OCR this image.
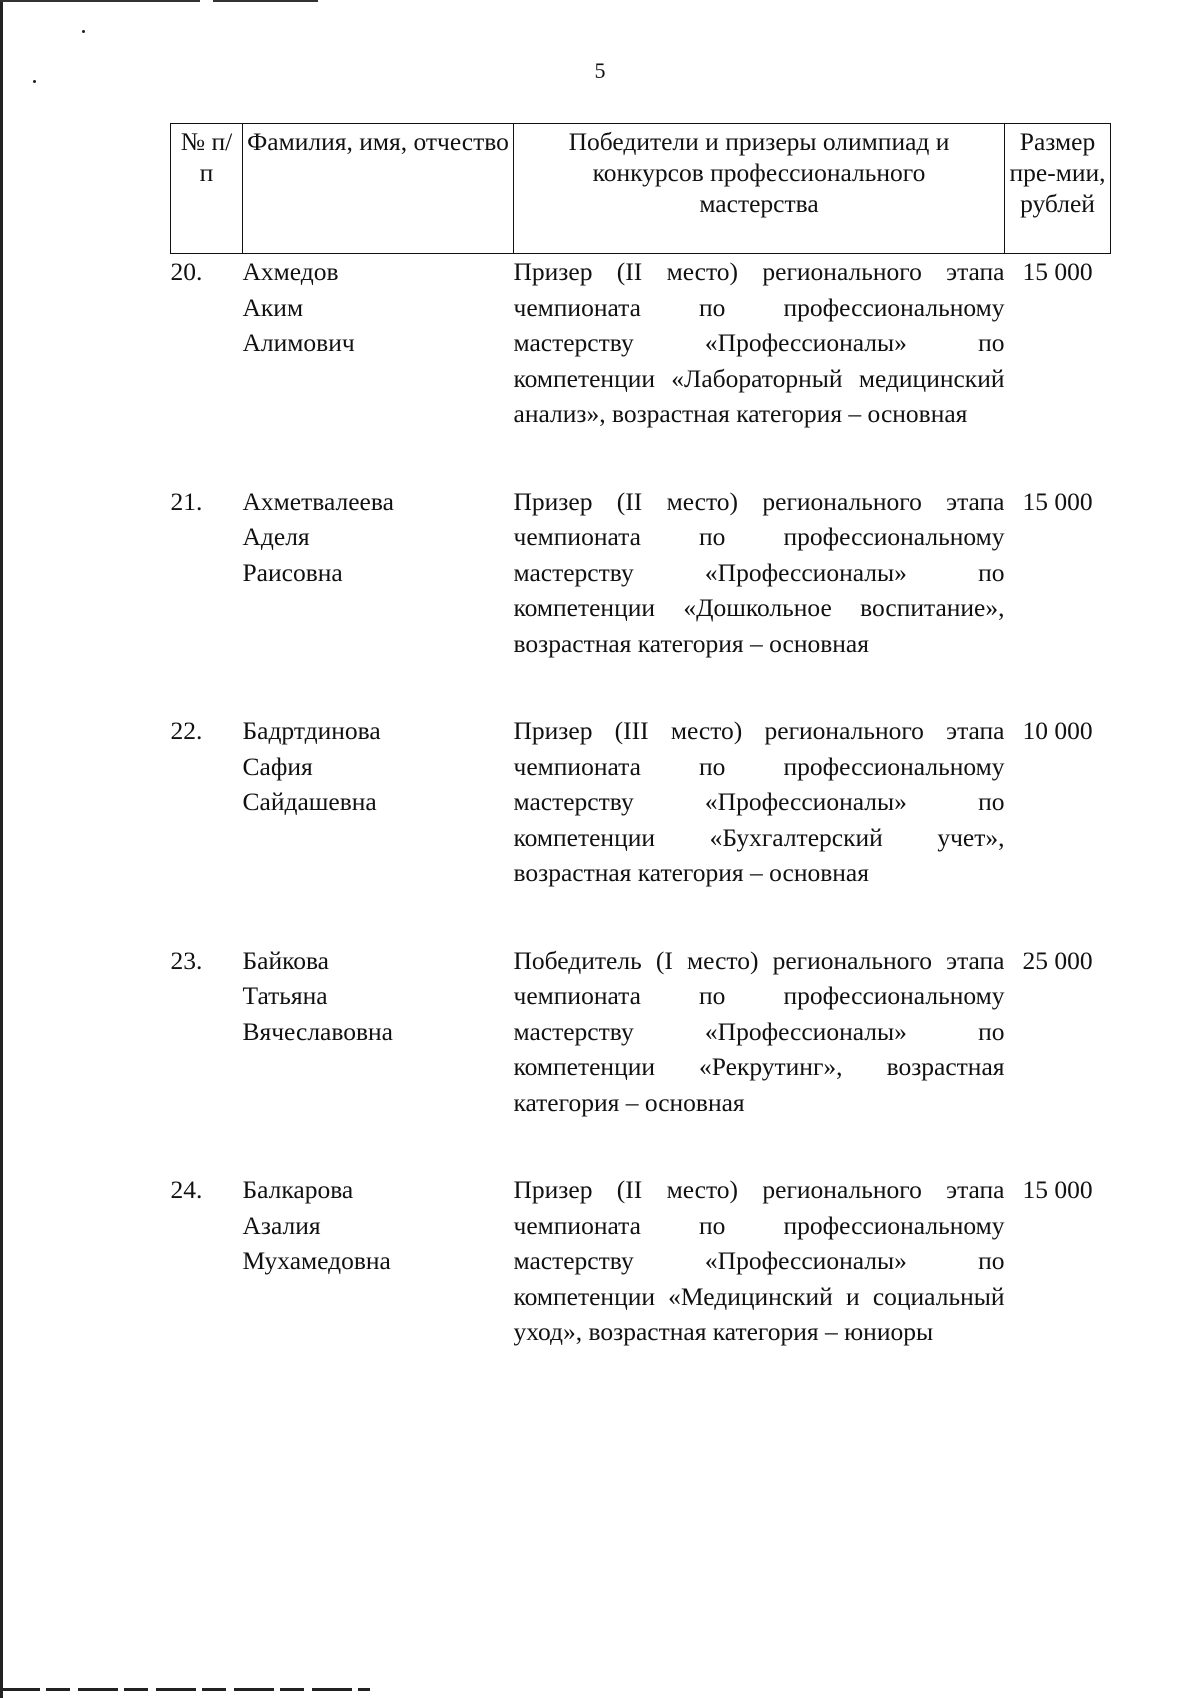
5
№ п/п	Фамилия, имя, отчество	Победители и призеры олимпиад и конкурсов профессионального мастерства	Размер пре-мии, рублей
20.	Ахмедов
Аким
Алимович	Призер (II место) регионального этапа чемпионата по профессиональному мастерству «Профессионалы» по компетенции «Лабораторный медицинский анализ», возрастная категория – основная	15 000

21.	Ахметвалеева
Аделя
Раисовна	Призер (II место) регионального этапа чемпионата по профессиональному мастерству «Профессионалы» по компетенции «Дошкольное воспитание», возрастная категория – основная	15 000

22.	Бадртдинова
Сафия
Сайдашевна	Призер (III место) регионального этапа чемпионата по профессиональному мастерству «Профессионалы» по компетенции «Бухгалтерский учет», возрастная категория – основная	10 000

23.	Байкова
Татьяна
Вячеславовна	Победитель (I место) регионального этапа чемпионата по профессиональному мастерству «Профессионалы» по компетенции «Рекрутинг», возрастная категория – основная	25 000

24.	Балкарова
Азалия
Мухамедовна	Призер (II место) регионального этапа чемпионата по профессиональному мастерству «Профессионалы» по компетенции «Медицинский и социальный уход», возрастная категория – юниоры	15 000
